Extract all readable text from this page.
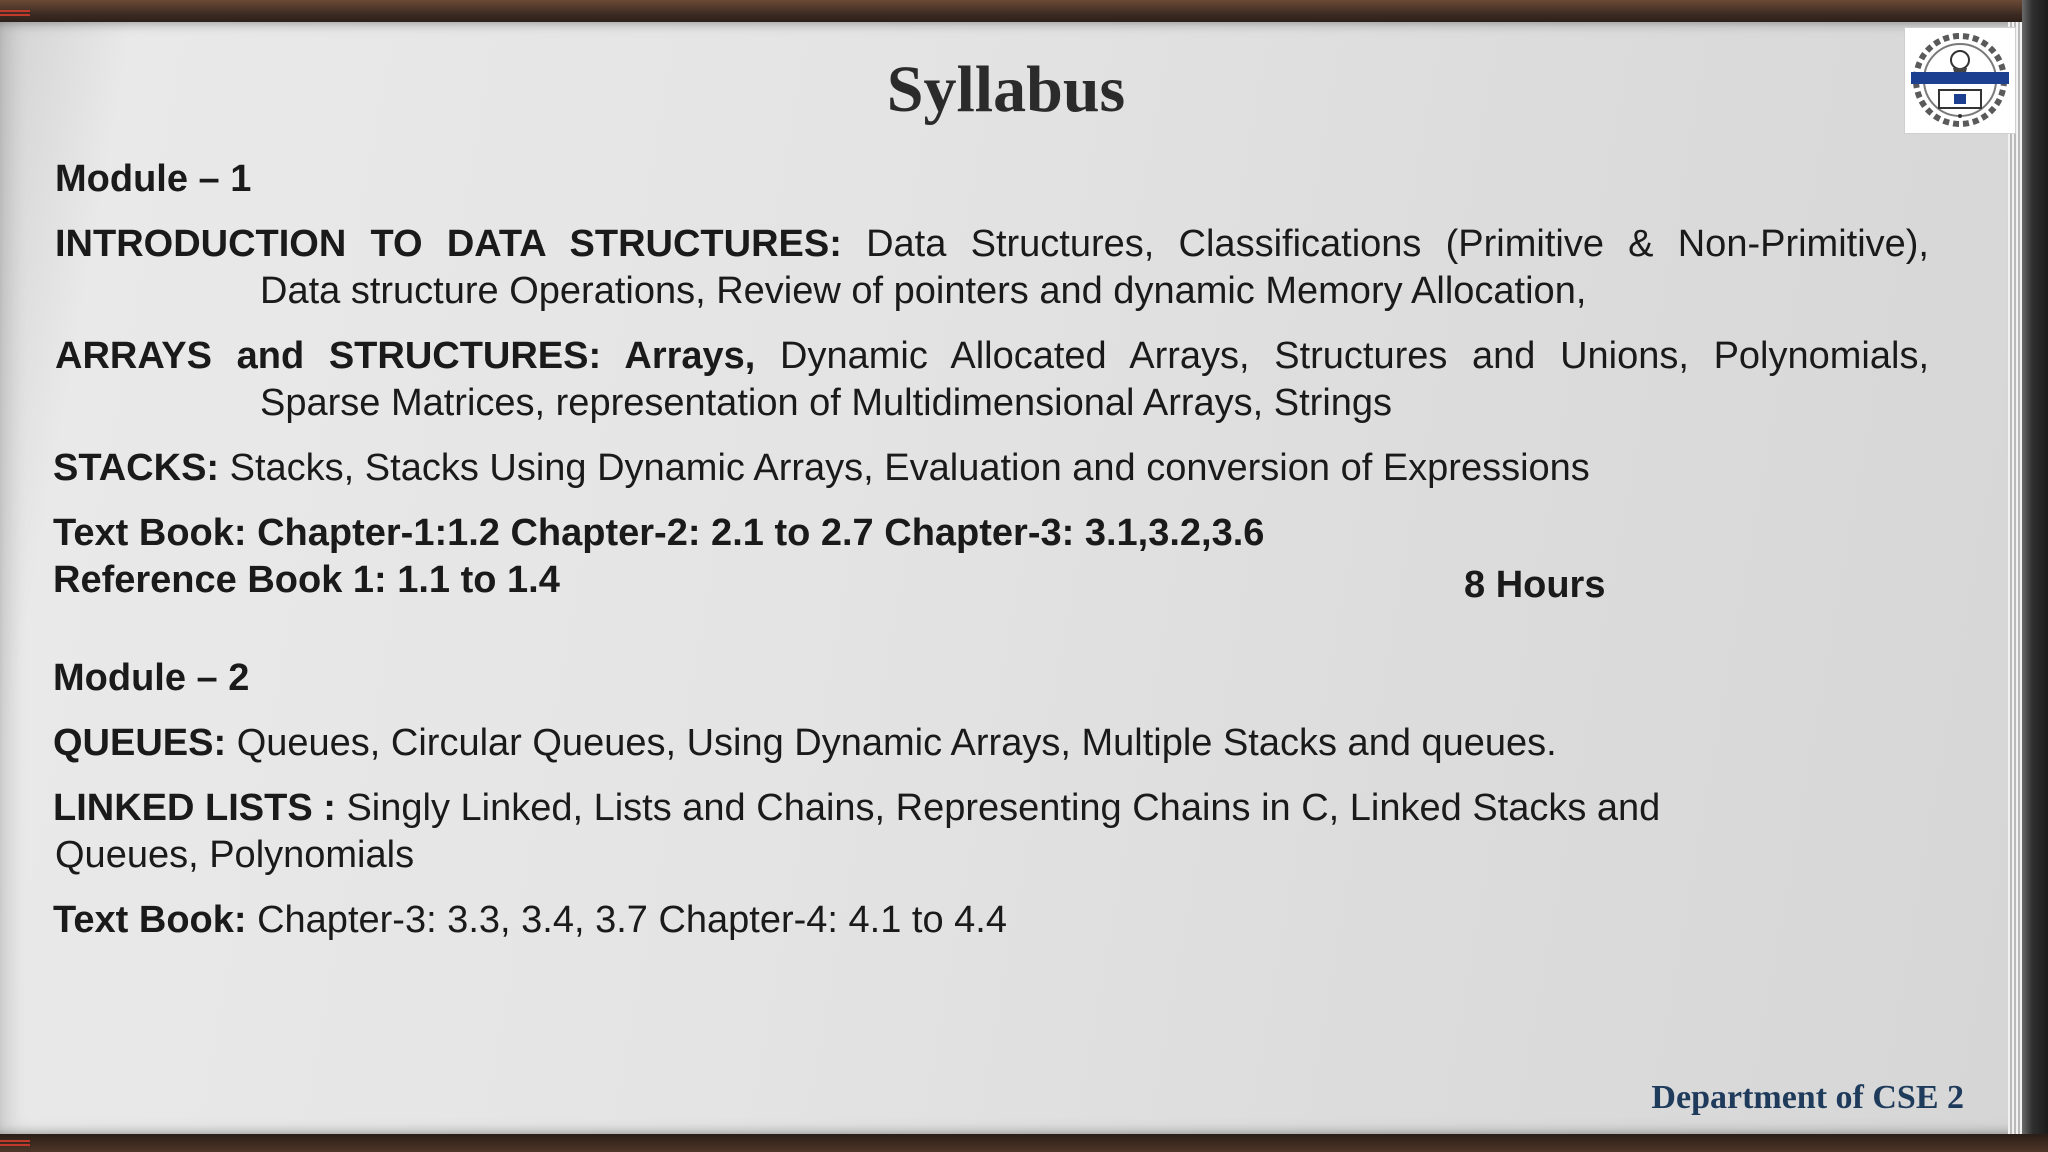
Syllabus
Module – 1
INTRODUCTION TO DATA STRUCTURES: Data Structures, Classifications (Primitive & Non-Primitive),
Data structure Operations, Review of pointers and dynamic Memory Allocation,
ARRAYS and STRUCTURES: Arrays, Dynamic Allocated Arrays, Structures and Unions, Polynomials,
Sparse Matrices, representation of Multidimensional Arrays, Strings
STACKS: Stacks, Stacks Using Dynamic Arrays, Evaluation and conversion of Expressions
Text Book: Chapter-1:1.2 Chapter-2: 2.1 to 2.7 Chapter-3: 3.1,3.2,3.6
Reference Book 1: 1.1 to 1.4	8 Hours
Module – 2
QUEUES: Queues, Circular Queues, Using Dynamic Arrays, Multiple Stacks and queues.
LINKED LISTS : Singly Linked, Lists and Chains, Representing Chains in C, Linked Stacks and
Queues, Polynomials
Text Book: Chapter-3: 3.3, 3.4, 3.7 Chapter-4: 4.1 to 4.4
Department of CSE 2
